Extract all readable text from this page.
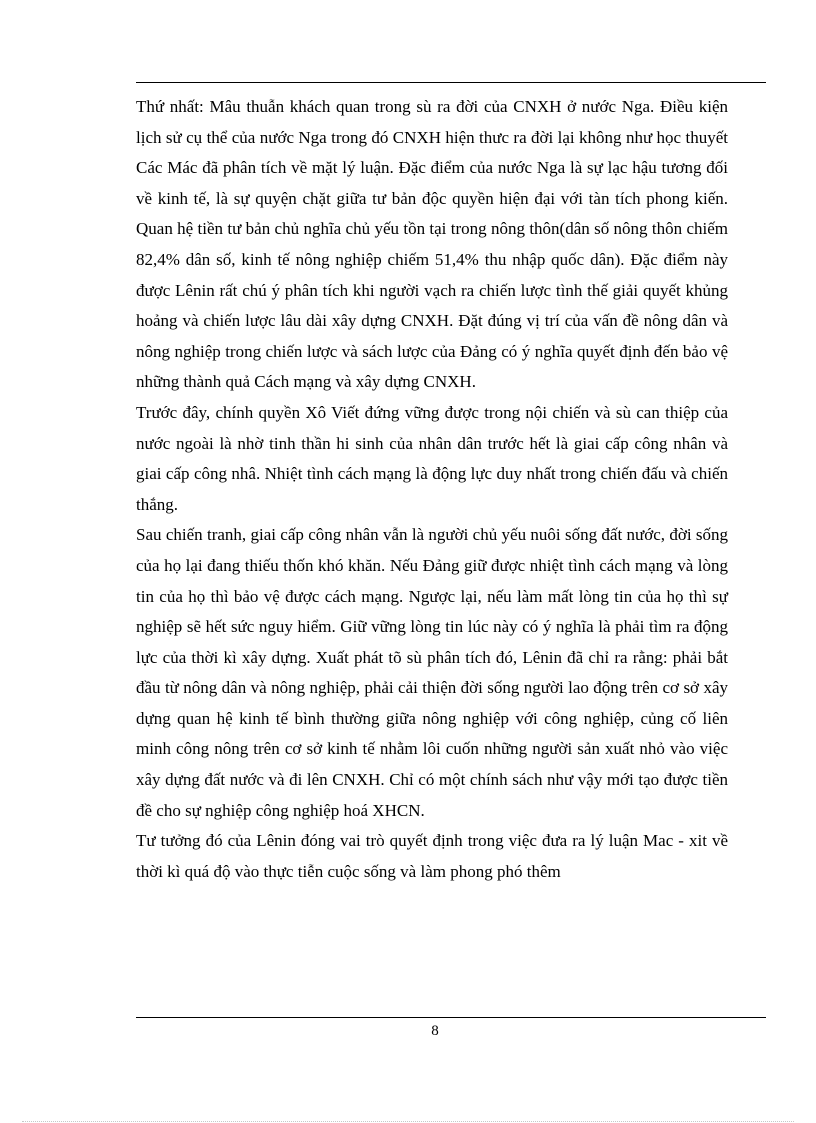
Thứ nhất: Mâu thuẫn khách quan trong sù ra đời của CNXH ở nước Nga. Điều kiện lịch sử cụ thể của nước Nga trong đó CNXH hiện thưc ra đời lại không như học thuyết Các Mác đã phân tích về mặt lý luận. Đặc điểm của nước Nga là sự lạc hậu tương đối về kinh tế, là sự quyện chặt giữa tư bản độc quyền hiện đại với tàn tích phong kiến. Quan hệ tiền tư bản chủ nghĩa chủ yếu tồn tại trong nông thôn(dân số nông thôn chiếm 82,4% dân số, kinh tế nông nghiệp chiếm 51,4% thu nhập quốc dân). Đặc điểm này được Lênin rất chú ý phân tích khi người vạch ra chiến lược tình thế giải quyết khủng hoảng và chiến lược lâu dài xây dựng CNXH. Đặt đúng vị trí của vấn đề nông dân và nông nghiệp trong chiến lược và sách lược của Đảng có ý nghĩa quyết định đến bảo vệ những thành quả Cách mạng và xây dựng CNXH.

Trước đây, chính quyền Xô Viết đứng vững được trong nội chiến và sù can thiệp của nước ngoài là nhờ tinh thần hi sinh của nhân dân trước hết là giai cấp công nhân và giai cấp công nhâ. Nhiệt tình cách mạng là động lực duy nhất trong chiến đấu và chiến thắng.

Sau chiến tranh, giai cấp công nhân vẫn là người chủ yếu nuôi sống đất nước, đời sống của họ lại đang thiếu thốn khó khăn. Nếu Đảng giữ được nhiệt tình cách mạng và lòng tin của họ thì bảo vệ được cách mạng. Ngược lại, nếu làm mất lòng tin của họ thì sự nghiệp sẽ hết sức nguy hiểm. Giữ vững lòng tin lúc này có ý nghĩa là phải tìm ra động lực của thời kì xây dựng. Xuất phát tõ sù phân tích đó, Lênin đã chỉ ra rằng: phải bắt đầu từ nông dân và nông nghiệp, phải cải thiện đời sống người lao động trên cơ sở xây dựng quan hệ kinh tế bình thường giữa nông nghiệp với công nghiệp, củng cố liên minh công nông trên cơ sở kinh tế nhằm lôi cuốn những người sản xuất nhỏ vào việc xây dựng đất nước và đi lên CNXH. Chỉ có một chính sách như vậy mới tạo được tiền đề cho sự nghiệp công nghiệp hoá XHCN.

Tư tưởng đó của Lênin đóng vai trò quyết định trong việc đưa ra lý luận Mac - xit về thời kì quá độ vào thực tiễn cuộc sống và làm phong phó thêm

8
